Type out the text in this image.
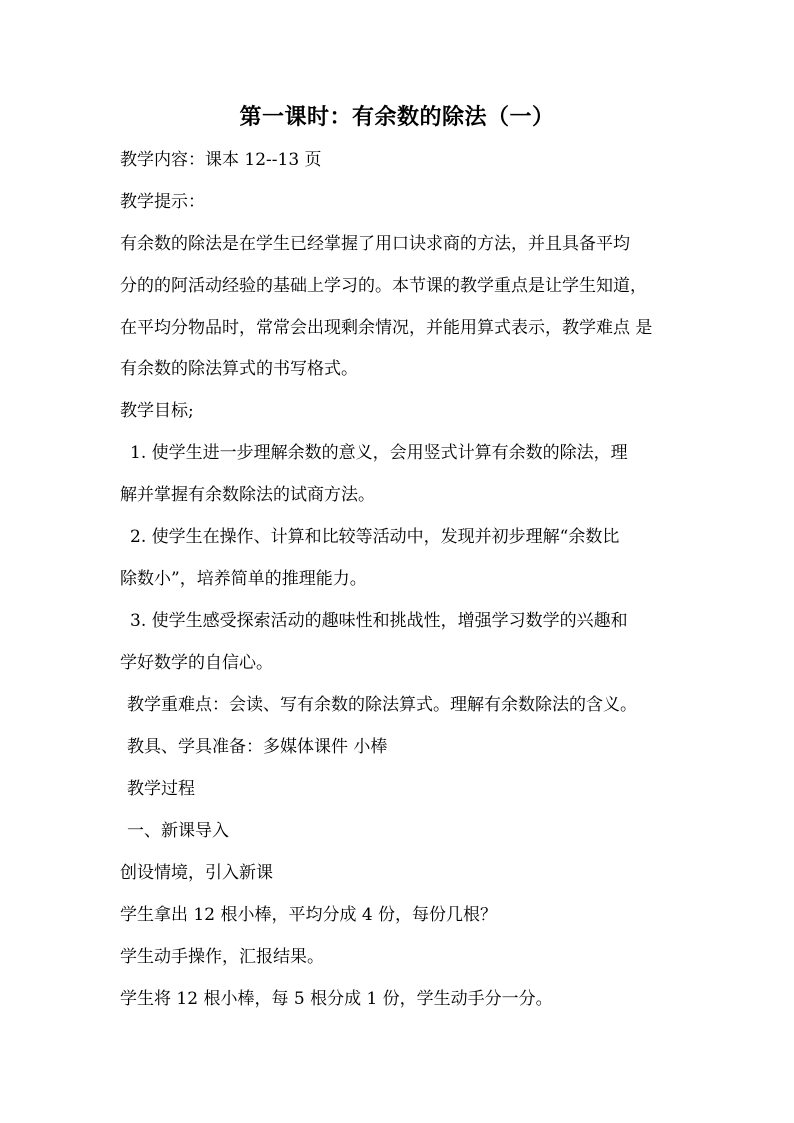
第一课时：有余数的除法（一）
教学内容：课本 12--13 页
教学提示：
有余数的除法是在学生已经掌握了用口诀求商的方法，并且具备平均
分的的阿活动经验的基础上学习的。本节课的教学重点是让学生知道，
在平均分物品时，常常会出现剩余情况，并能用算式表示，教学难点 是
有余数的除法算式的书写格式。
教学目标;
1. 使学生进一步理解余数的意义，会用竖式计算有余数的除法，理
解并掌握有余数除法的试商方法。
2. 使学生在操作、计算和比较等活动中，发现并初步理解“余数比
除数小”，培养简单的推理能力。
3. 使学生感受探索活动的趣味性和挑战性，增强学习数学的兴趣和
学好数学的自信心。
教学重难点：会读、写有余数的除法算式。理解有余数除法的含义。
教具、学具准备：多媒体课件 小棒
教学过程
一、新课导入
创设情境，引入新课
学生拿出 12 根小棒，平均分成 4 份，每份几根？
学生动手操作，汇报结果。
学生将 12 根小棒，每 5 根分成 1 份，学生动手分一分。
